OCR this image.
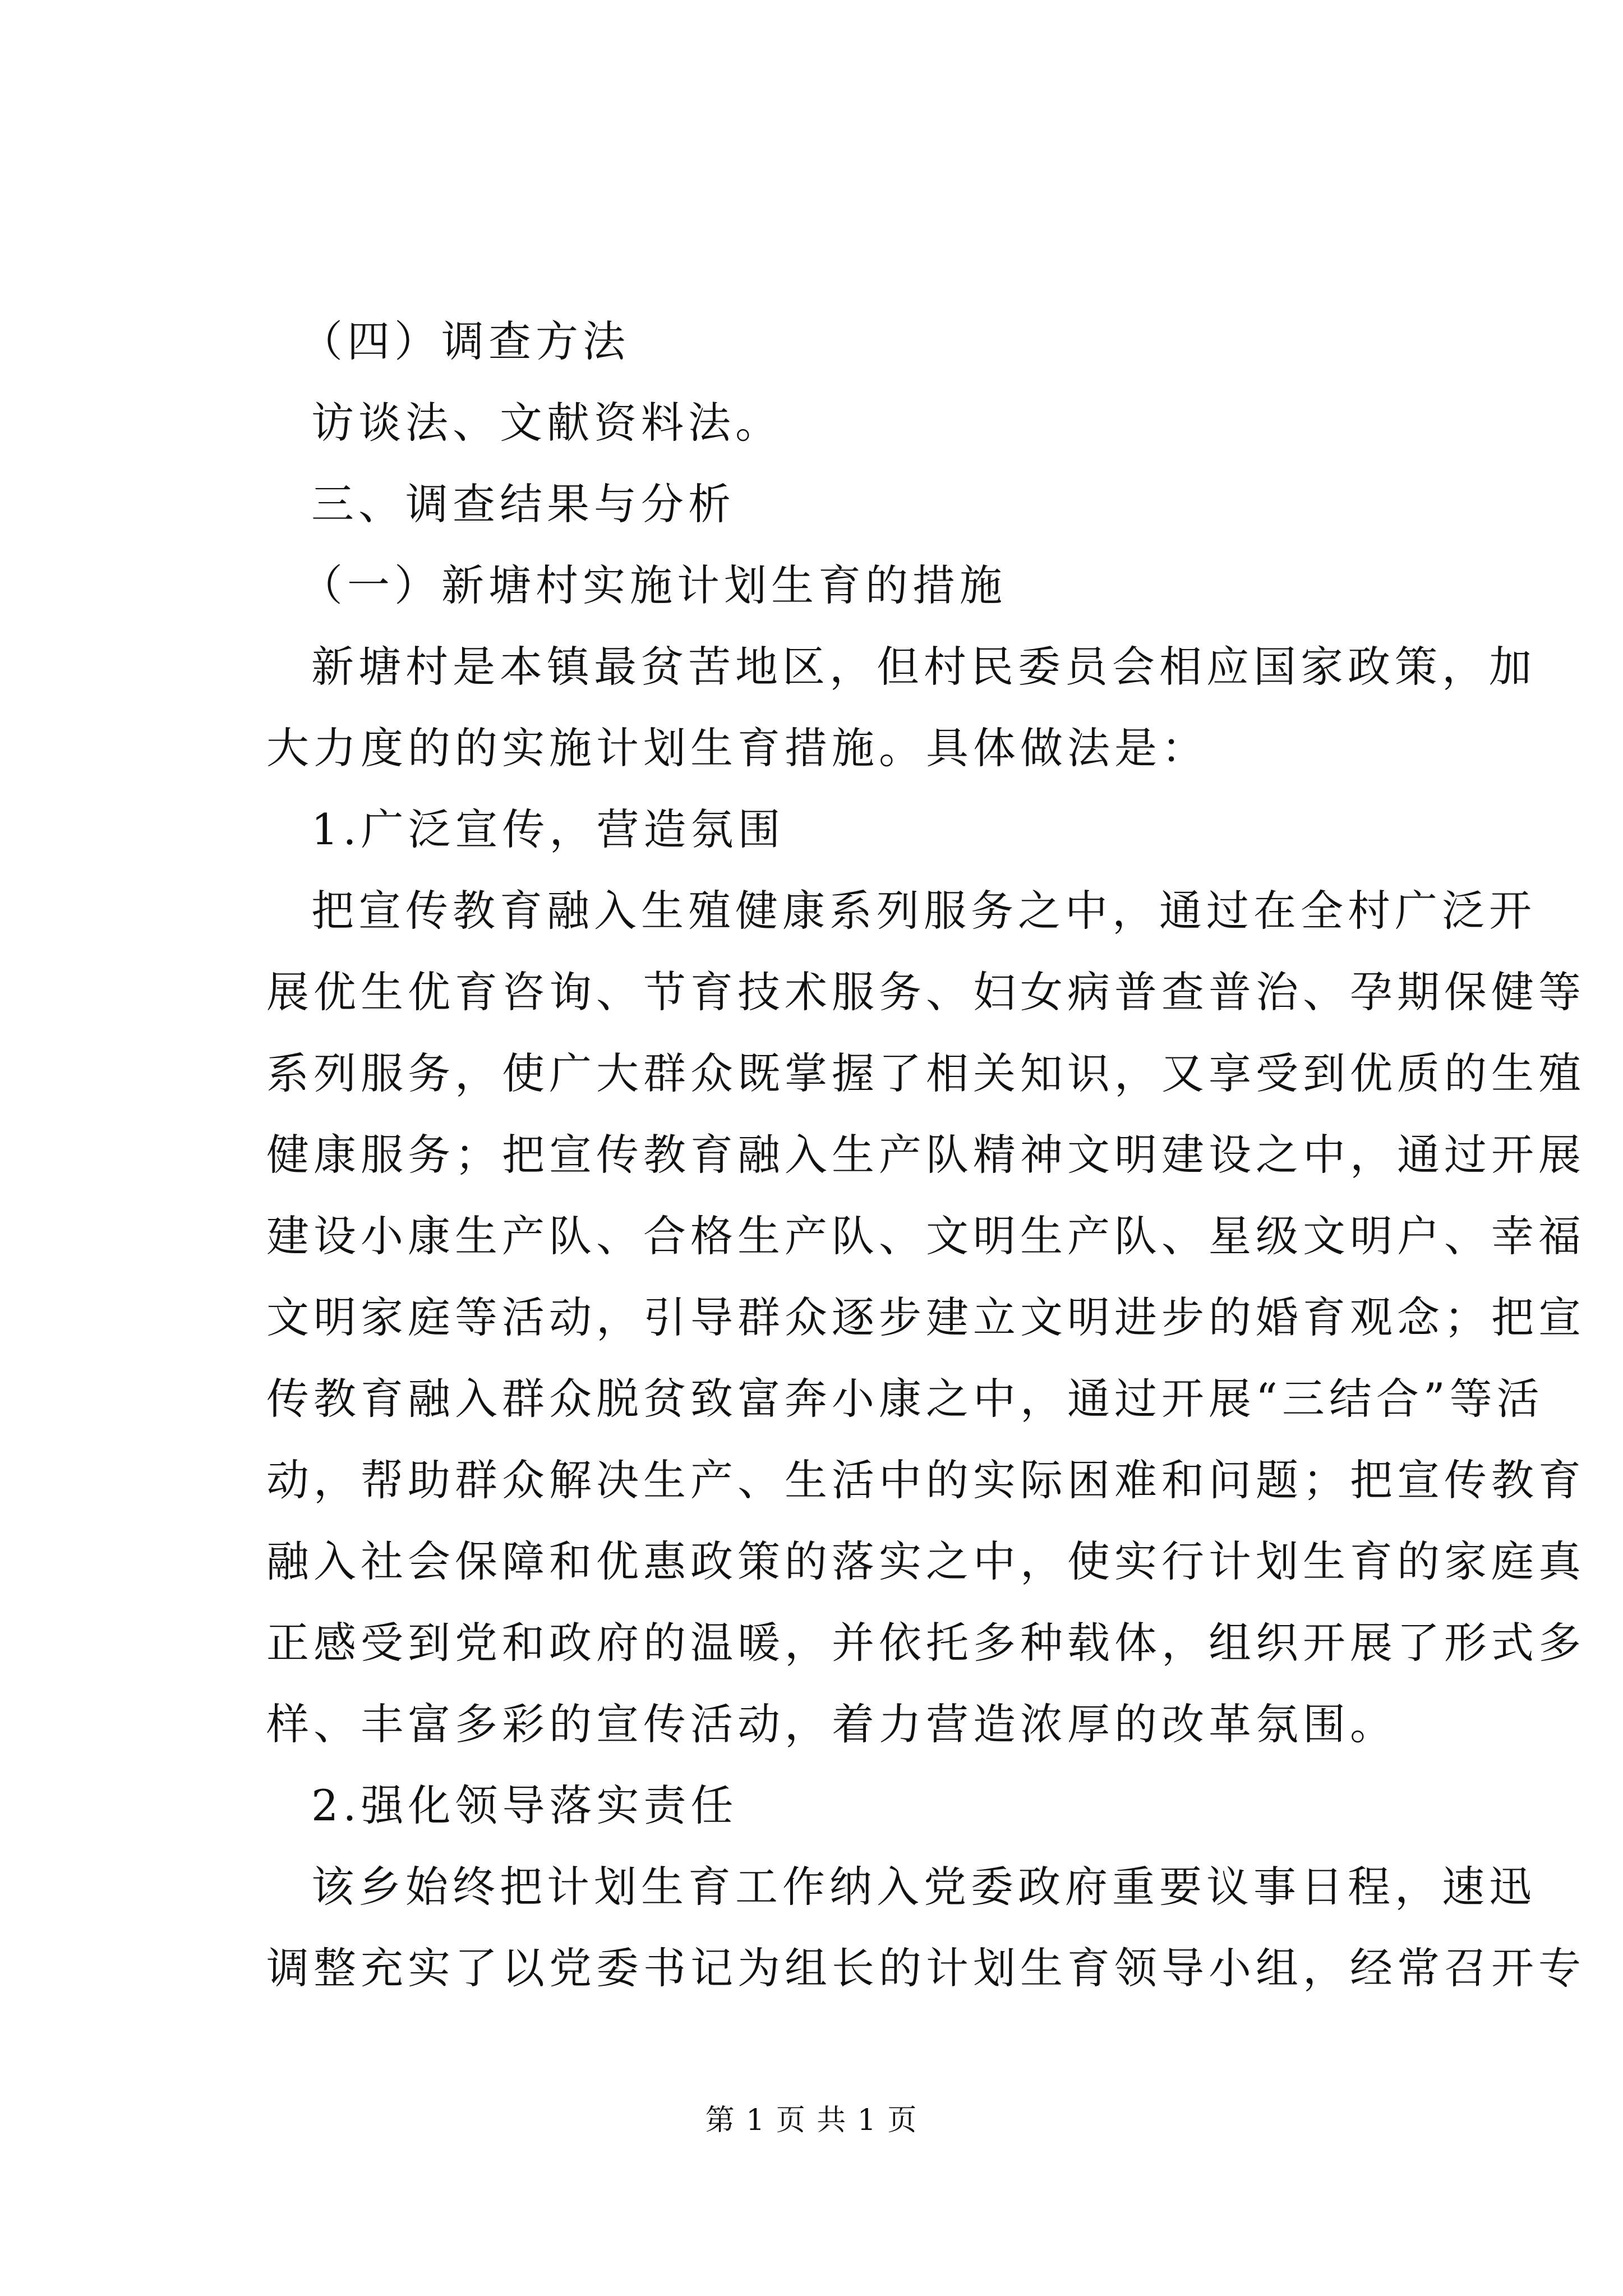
（四）调查方法
访谈法、文献资料法。
三、调查结果与分析
（一）新塘村实施计划生育的措施
新塘村是本镇最贫苦地区，但村民委员会相应国家政策，加
大力度的的实施计划生育措施。具体做法是：
1.广泛宣传，营造氛围
把宣传教育融入生殖健康系列服务之中，通过在全村广泛开
展优生优育咨询、节育技术服务、妇女病普查普治、孕期保健等
系列服务，使广大群众既掌握了相关知识，又享受到优质的生殖
健康服务；把宣传教育融入生产队精神文明建设之中，通过开展
建设小康生产队、合格生产队、文明生产队、星级文明户、幸福
文明家庭等活动，引导群众逐步建立文明进步的婚育观念；把宣
传教育融入群众脱贫致富奔小康之中，通过开展“三结合”等活
动，帮助群众解决生产、生活中的实际困难和问题；把宣传教育
融入社会保障和优惠政策的落实之中，使实行计划生育的家庭真
正感受到党和政府的温暖，并依托多种载体，组织开展了形式多
样、丰富多彩的宣传活动，着力营造浓厚的改革氛围。
2.强化领导落实责任
该乡始终把计划生育工作纳入党委政府重要议事日程，速迅
调整充实了以党委书记为组长的计划生育领导小组，经常召开专
第 1 页 共 1 页
